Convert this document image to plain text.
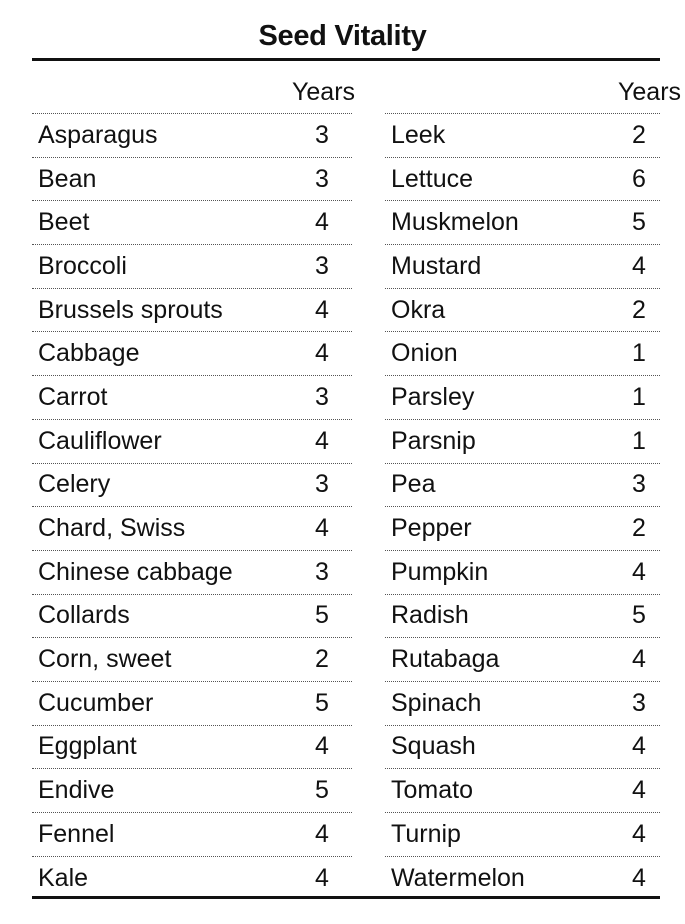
Seed Vitality
Years
Asparagus	3
Bean	3
Beet	4
Broccoli	3
Brussels sprouts	4
Cabbage	4
Carrot	3
Cauliflower	4
Celery	3
Chard, Swiss	4
Chinese cabbage	3
Collards	5
Corn, sweet	2
Cucumber	5
Eggplant	4
Endive	5
Fennel	4
Kale	4
Years
Leek	2
Lettuce	6
Muskmelon	5
Mustard	4
Okra	2
Onion	1
Parsley	1
Parsnip	1
Pea	3
Pepper	2
Pumpkin	4
Radish	5
Rutabaga	4
Spinach	3
Squash	4
Tomato	4
Turnip	4
Watermelon	4
